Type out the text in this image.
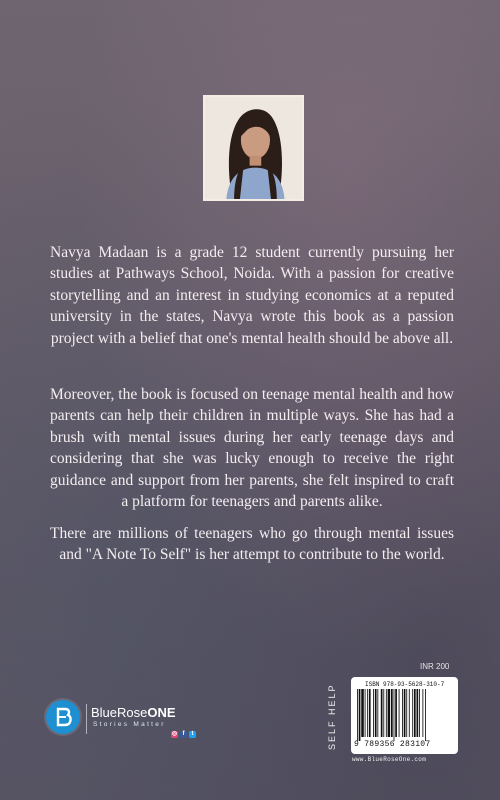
Navya Madaan is a grade 12 student currently pursuing her studies at Pathways School, Noida. With a passion for creative storytelling and an interest in studying economics at a reputed university in the states, Navya wrote this book as a passion project with a belief that one's mental health should be above all.

Moreover, the book is focused on teenage mental health and how parents can help their children in multiple ways. She has had a brush with mental issues during her early teenage days and considering that she was lucky enough to receive the right guidance and support from her parents, she felt inspired to craft a platform for teenagers and parents alike.

There are millions of teenagers who go through mental issues and "A Note To Self" is her attempt to contribute to the world.

BlueRoseONE
Stories Matter
◎ f	t
INR 200
SELF HELP	ISBN 978-93-5628-310-7
9 789356 283107
www.BlueRoseOne.com
